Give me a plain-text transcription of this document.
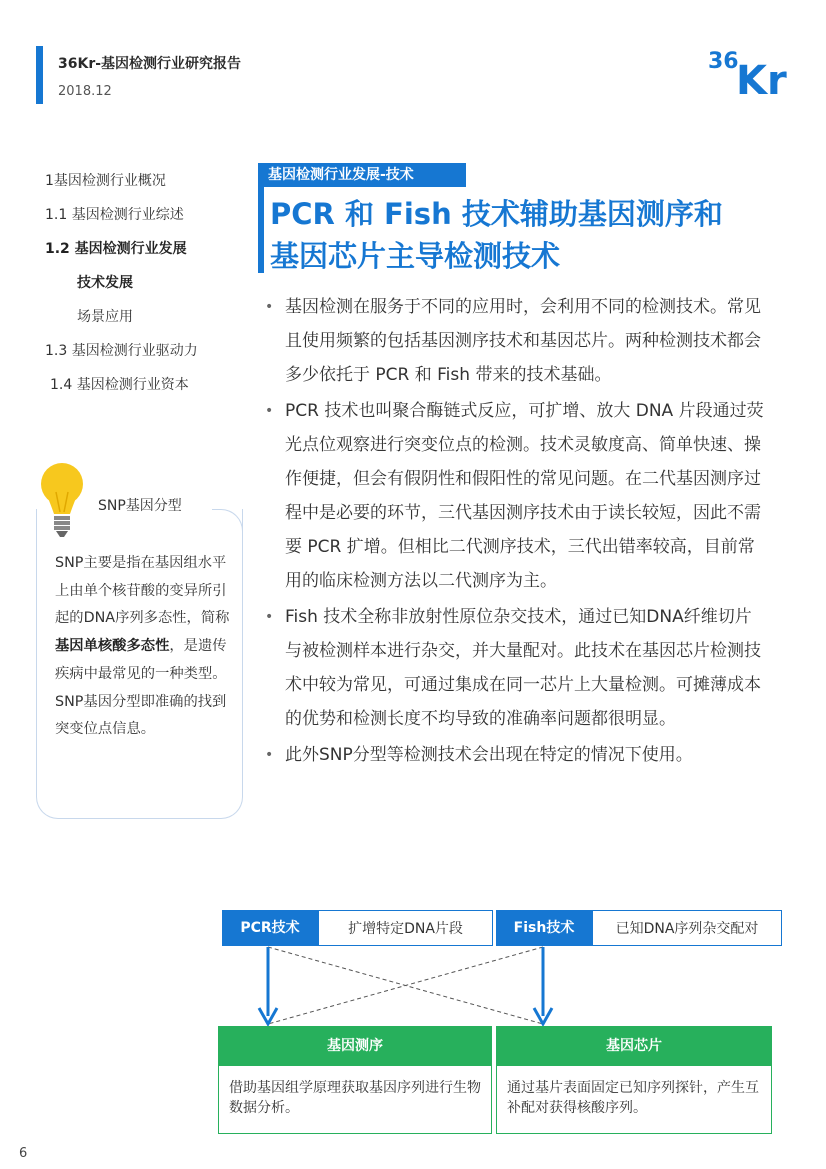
36Kr-基因检测行业研究报告
2018.12
36
Kr
1基因检测行业概况
1.1 基因检测行业综述
1.2 基因检测行业发展
技术发展
场景应用
1.3 基因检测行业驱动力
1.4 基因检测行业资本
SNP基因分型
SNP主要是指在基因组水平上由单个核苷酸的变异所引起的DNA序列多态性，简称基因单核酸多态性，是遗传疾病中最常见的一种类型。SNP基因分型即准确的找到突变位点信息。
基因检测行业发展-技术
PCR 和 Fish 技术辅助基因测序和基因芯片主导检测技术
• 基因检测在服务于不同的应用时，会利用不同的检测技术。常见且使用频繁的包括基因测序技术和基因芯片。两种检测技术都会多少依托于 PCR 和 Fish 带来的技术基础。
• PCR 技术也叫聚合酶链式反应，可扩增、放大 DNA 片段通过荧光点位观察进行突变位点的检测。技术灵敏度高、简单快速、操作便捷，但会有假阴性和假阳性的常见问题。在二代基因测序过程中是必要的环节，三代基因测序技术由于读长较短，因此不需要 PCR 扩增。但相比二代测序技术，三代出错率较高，目前常用的临床检测方法以二代测序为主。
• Fish 技术全称非放射性原位杂交技术，通过已知DNA纤维切片与被检测样本进行杂交，并大量配对。此技术在基因芯片检测技术中较为常见，可通过集成在同一芯片上大量检测。可摊薄成本的优势和检测长度不均导致的准确率问题都很明显。
• 此外SNP分型等检测技术会出现在特定的情况下使用。
PCR技术	扩增特定DNA片段	Fish技术	已知DNA序列杂交配对
基因测序
借助基因组学原理获取基因序列进行生物数据分析。
基因芯片
通过基片表面固定已知序列探针，产生互补配对获得核酸序列。
6
